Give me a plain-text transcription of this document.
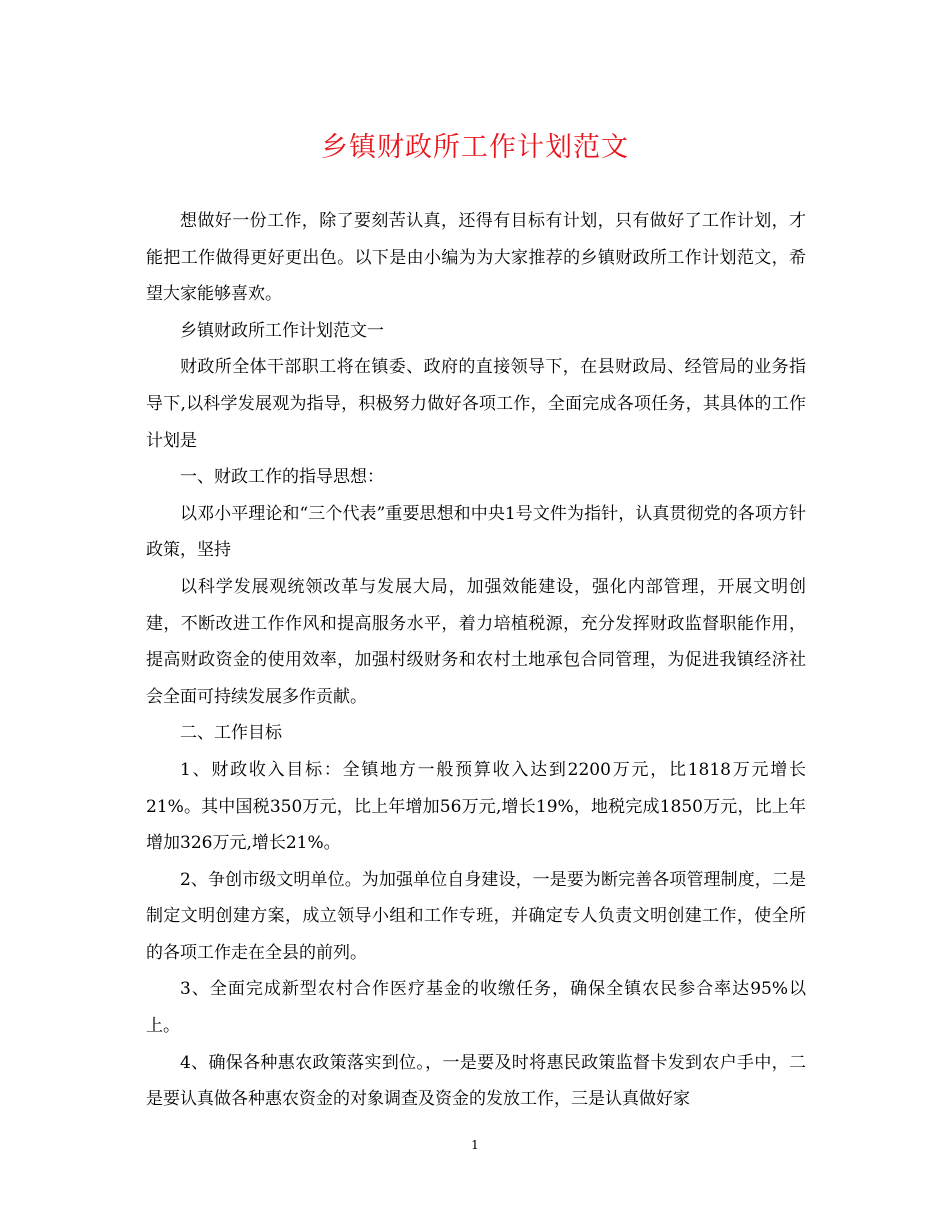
乡镇财政所工作计划范文

想做好一份工作，除了要刻苦认真，还得有目标有计划，只有做好了工作计划，才能把工作做得更好更出色。以下是由小编为为大家推荐的乡镇财政所工作计划范文，希望大家能够喜欢。

乡镇财政所工作计划范文一

财政所全体干部职工将在镇委、政府的直接领导下，在县财政局、经管局的业务指导下,以科学发展观为指导，积极努力做好各项工作，全面完成各项任务，其具体的工作计划是

一、财政工作的指导思想：

以邓小平理论和“三个代表”重要思想和中央1号文件为指针，认真贯彻党的各项方针政策，坚持

以科学发展观统领改革与发展大局，加强效能建设，强化内部管理，开展文明创建，不断改进工作作风和提高服务水平，着力培植税源，充分发挥财政监督职能作用，提高财政资金的使用效率，加强村级财务和农村土地承包合同管理，为促进我镇经济社会全面可持续发展多作贡献。

二、工作目标

1、财政收入目标：全镇地方一般预算收入达到2200万元，比1818万元增长21%。其中国税350万元，比上年增加56万元,增长19%，地税完成1850万元，比上年增加326万元,增长21%。

2、争创市级文明单位。为加强单位自身建设，一是要为断完善各项管理制度，二是制定文明创建方案，成立领导小组和工作专班，并确定专人负责文明创建工作，使全所的各项工作走在全县的前列。

3、全面完成新型农村合作医疗基金的收缴任务，确保全镇农民参合率达95%以上。

4、确保各种惠农政策落实到位。，一是要及时将惠民政策监督卡发到农户手中，二是要认真做各种惠农资金的对象调查及资金的发放工作，三是认真做好家

1
